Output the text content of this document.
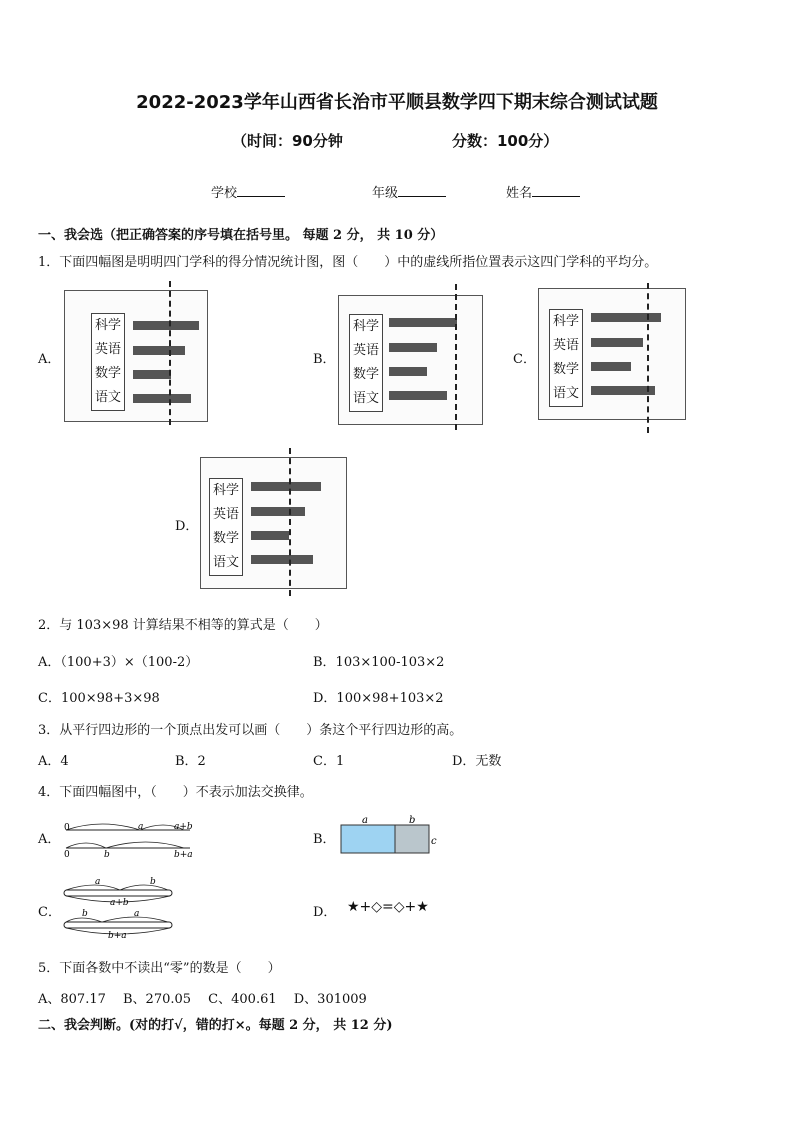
2022-2023学年山西省长治市平顺县数学四下期末综合测试试题
（时间：90分钟	分数：100分）
学校	年级	姓名
一、我会选（把正确答案的序号填在括号里。 每题 2 分， 共 10 分）
1．下面四幅图是明明四门学科的得分情况统计图，图（　　）中的虚线所指位置表示这四门学科的平均分。
A．
科学
英语
数学
语文
B．
科学
英语
数学
语文
C．
科学
英语
数学
语文
D．
科学
英语
数学
语文
2．与 103×98 计算结果不相等的算式是（　　）
A．（100+3）×（100-2）	B．103×100-103×2
C．100×98+3×98	D．100×98+103×2
3．从平行四边形的一个顶点出发可以画（　　）条这个平行四边形的高。
A．4	B．2	C．1	D．无数
4．下面四幅图中，（　　）不表示加法交换律。
A．
0	a	a+b
0	b	b+a
B．
a	b
c
C．
a	b
a+b
b	a
b+a
D． ★+◇=◇+★
5．下面各数中不读出“零”的数是（　　）
A、807.17　 B、270.05　 C、400.61　 D、301009
二、我会判断。(对的打√，错的打×。每题 2 分， 共 12 分)
